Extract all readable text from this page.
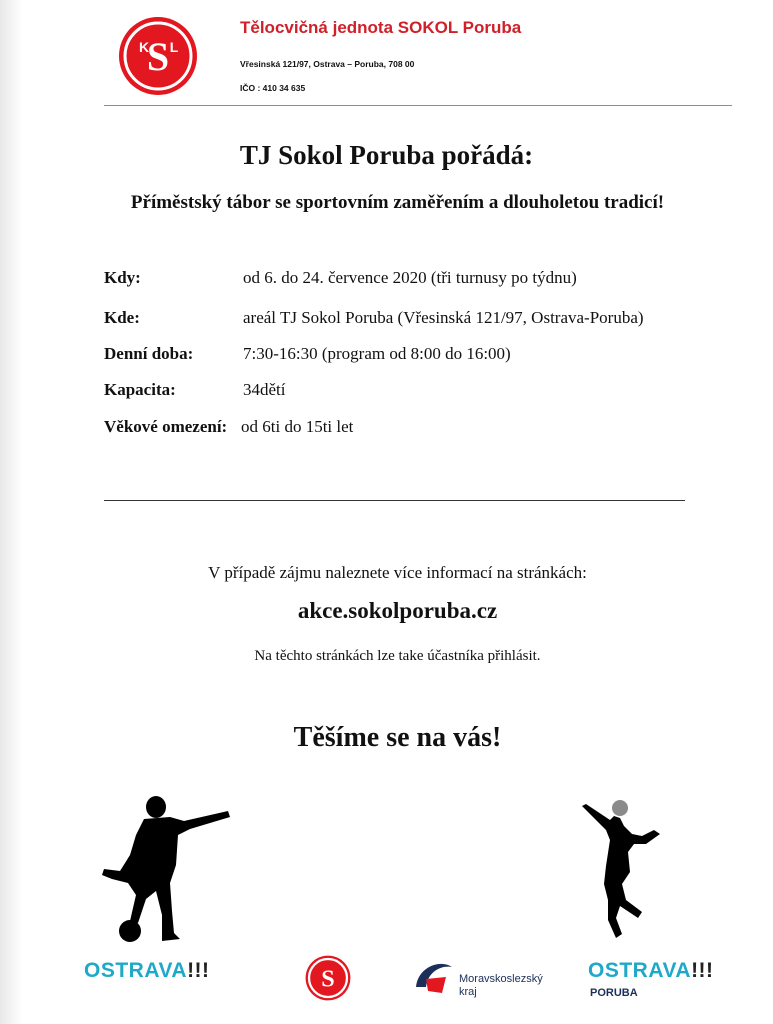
S
K L
Tělocvičná jednota SOKOL Poruba
Vřesinská 121/97, Ostrava – Poruba, 708 00
IČO : 410 34 635
TJ Sokol Poruba pořádá:
Příměstský tábor se sportovním zaměřením a dlouholetou tradicí!
Kdy:	od 6. do 24. července 2020 (tři turnusy po týdnu)
Kde:	areál TJ Sokol Poruba (Vřesinská 121/97, Ostrava-Poruba)
Denní doba:	7:30-16:30 (program od 8:00 do 16:00)
Kapacita:	34dětí
Věkové omezení: od 6ti do 15ti let
V případě zájmu naleznete více informací na stránkách:
akce.sokolporuba.cz
Na těchto stránkách lze take účastníka přihlásit.
Těšíme se na vás!
OSTRAVA!!!	S	Moravskoslezský
kraj
OSTRAVA!!!
PORUBA
